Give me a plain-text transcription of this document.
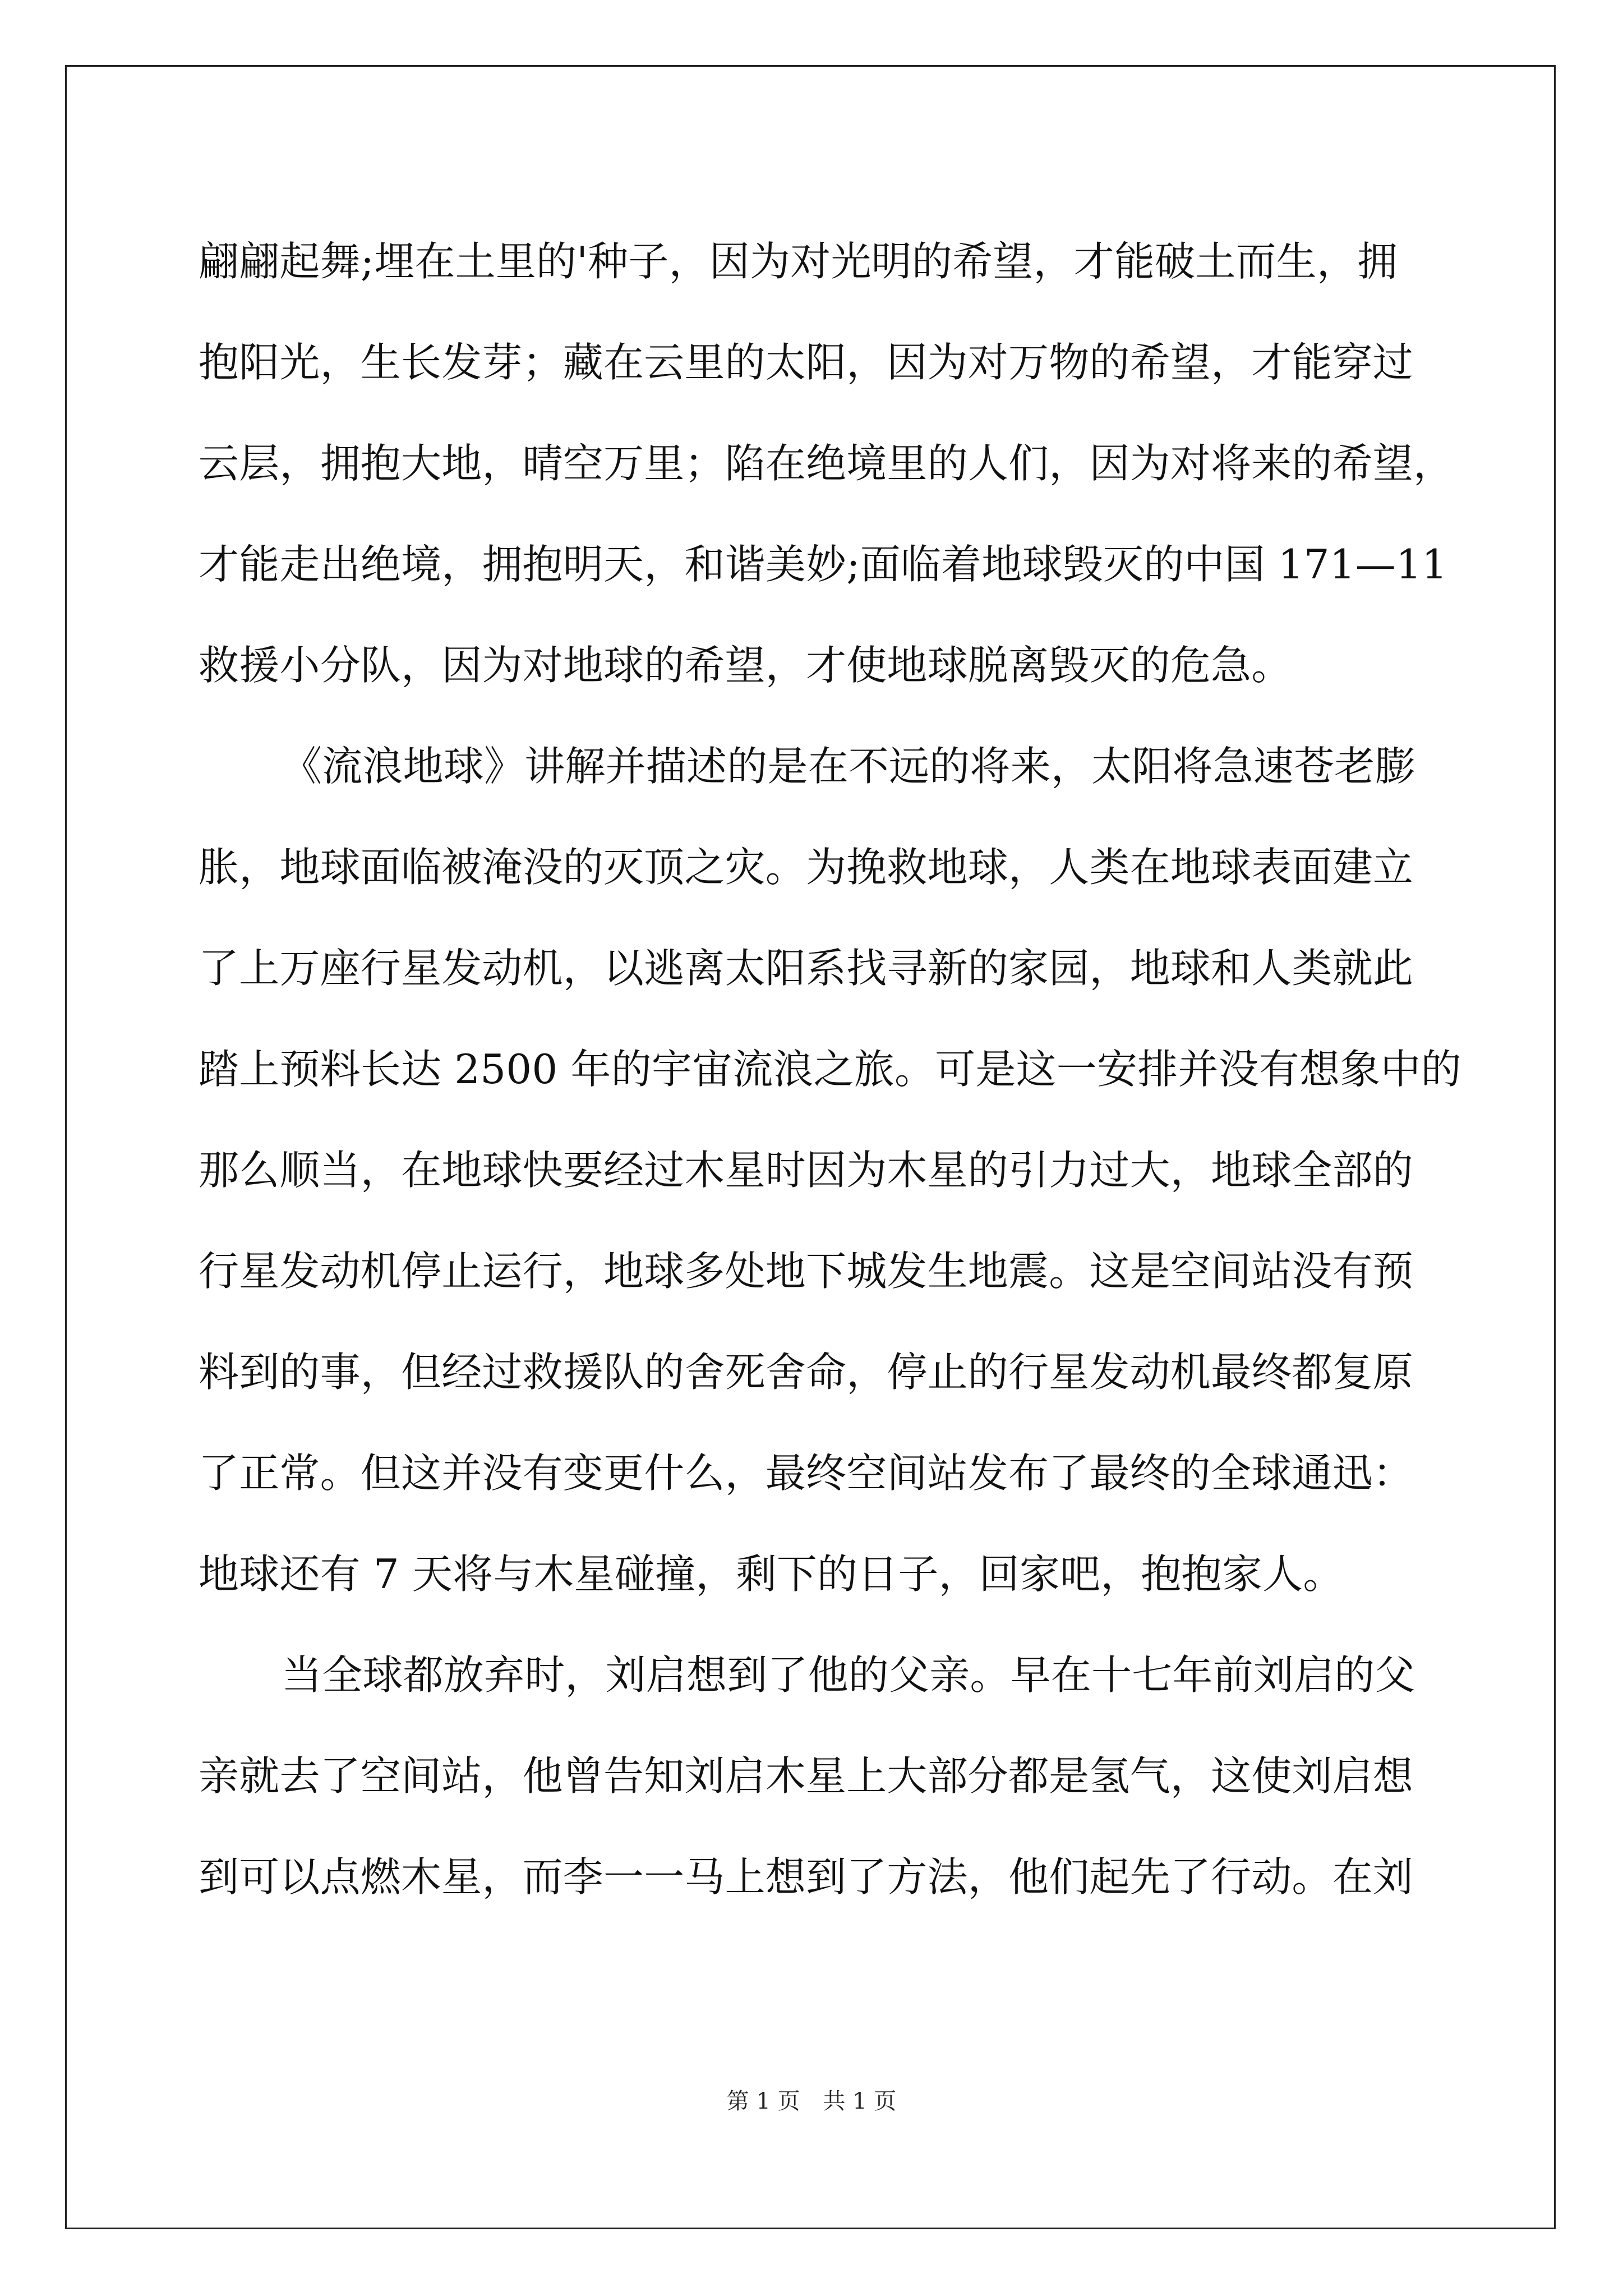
翩翩起舞;埋在土里的'种子，因为对光明的希望，才能破土而生，拥
抱阳光，生长发芽；藏在云里的太阳，因为对万物的希望，才能穿过
云层，拥抱大地，晴空万里；陷在绝境里的人们，因为对将来的希望，
才能走出绝境，拥抱明天，和谐美妙;面临着地球毁灭的中国 171—11
救援小分队，因为对地球的希望，才使地球脱离毁灭的危急。
《流浪地球》讲解并描述的是在不远的将来，太阳将急速苍老膨
胀，地球面临被淹没的灭顶之灾。为挽救地球，人类在地球表面建立
了上万座行星发动机，以逃离太阳系找寻新的家园，地球和人类就此
踏上预料长达 2500 年的宇宙流浪之旅。可是这一安排并没有想象中的
那么顺当，在地球快要经过木星时因为木星的引力过大，地球全部的
行星发动机停止运行，地球多处地下城发生地震。这是空间站没有预
料到的事，但经过救援队的舍死舍命，停止的行星发动机最终都复原
了正常。但这并没有变更什么，最终空间站发布了最终的全球通迅：
地球还有 7 天将与木星碰撞，剩下的日子，回家吧，抱抱家人。
当全球都放弃时，刘启想到了他的父亲。早在十七年前刘启的父
亲就去了空间站，他曾告知刘启木星上大部分都是氢气，这使刘启想
到可以点燃木星，而李一一马上想到了方法，他们起先了行动。在刘
第 1 页 共 1 页
